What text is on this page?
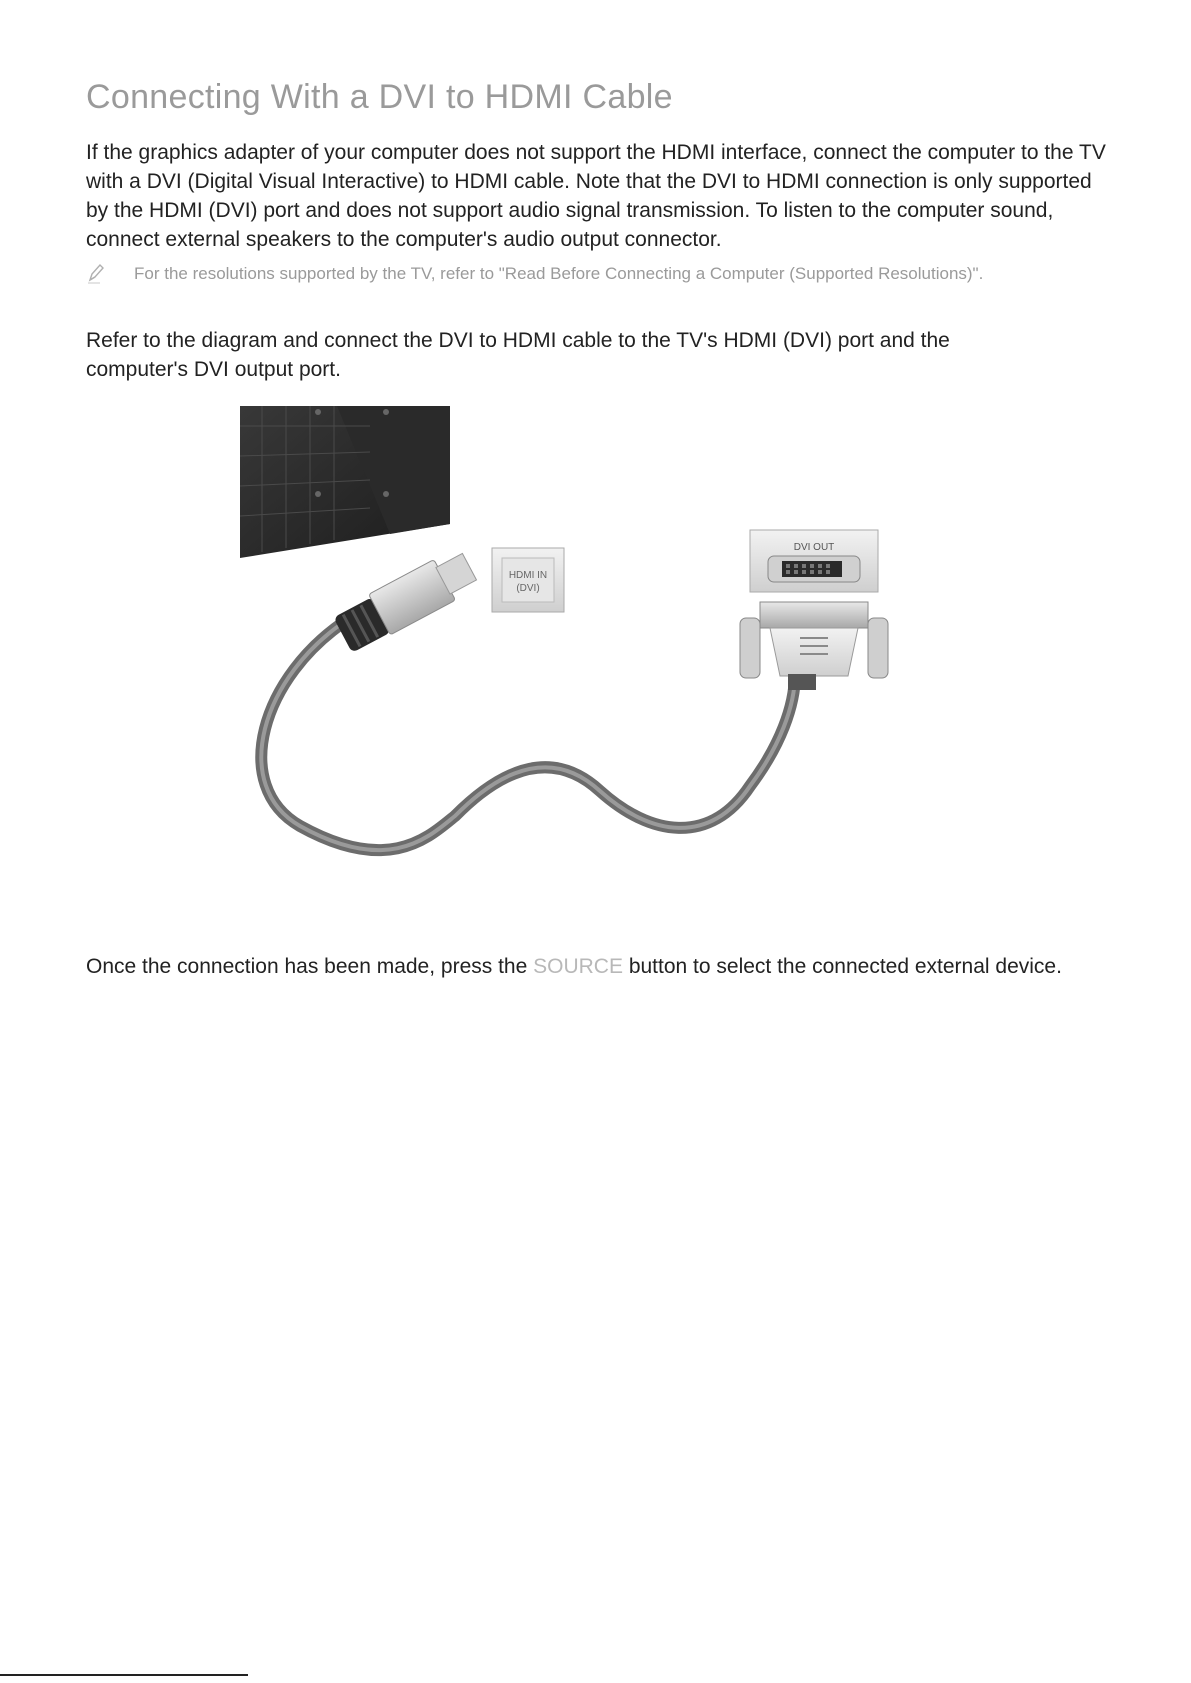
Connecting With a DVI to HDMI Cable

If the graphics adapter of your computer does not support the HDMI interface, connect the computer to the TV with a DVI (Digital Visual Interactive) to HDMI cable. Note that the DVI to HDMI connection is only supported by the HDMI (DVI) port and does not support audio signal transmission. To listen to the computer sound, connect external speakers to the computer's audio output connector.

For the resolutions supported by the TV, refer to "Read Before Connecting a Computer (Supported Resolutions)".

Refer to the diagram and connect the DVI to HDMI cable to the TV's HDMI (DVI) port and the computer's DVI output port.

HDMI IN
(DVI)
DVI OUT

Once the connection has been made, press the SOURCE button to select the connected external device.
